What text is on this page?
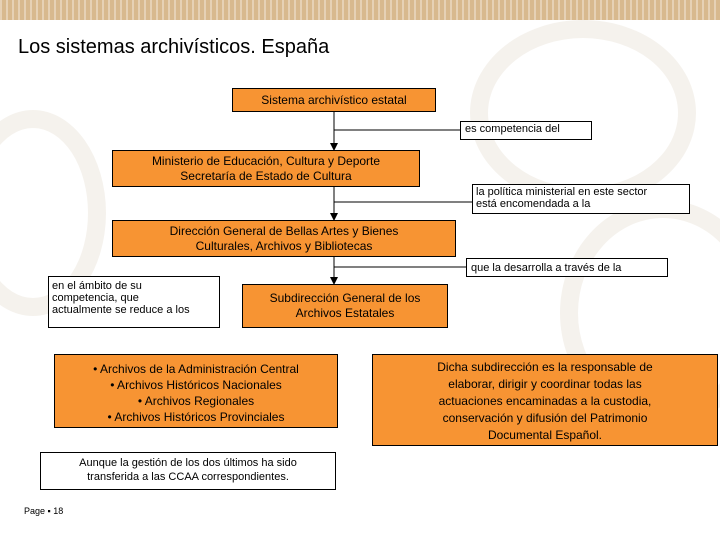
Los sistemas archivísticos. España
Sistema archivístico estatal
es competencia del
Ministerio de Educación, Cultura y Deporte
Secretaría de Estado de Cultura
la política ministerial en este sector
está encomendada a la
Dirección General de Bellas Artes y Bienes
Culturales, Archivos y Bibliotecas
que la desarrolla a través de la
en el ámbito de su
competencia, que
actualmente se reduce a los
Subdirección General de los
Archivos Estatales
• Archivos de la Administración Central
• Archivos Históricos Nacionales
• Archivos Regionales
• Archivos Históricos Provinciales
Dicha subdirección es la responsable de
elaborar, dirigir y coordinar todas las
actuaciones encaminadas a la custodia,
conservación y difusión del Patrimonio
Documental Español.
Aunque la gestión de los dos últimos ha sido
transferida a las CCAA correspondientes.
Page ▪ 18
